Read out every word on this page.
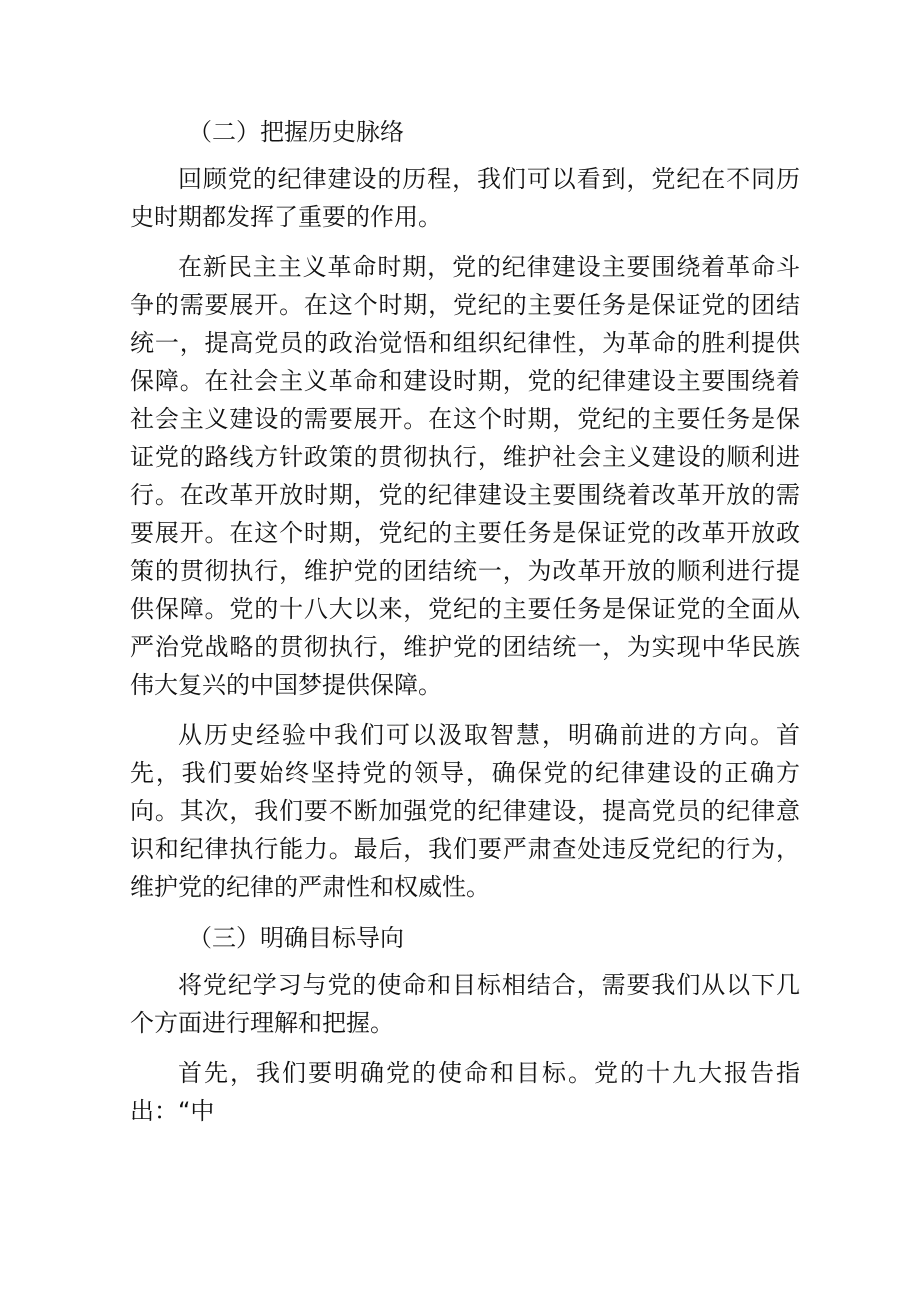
（二）把握历史脉络

回顾党的纪律建设的历程，我们可以看到，党纪在不同历史时期都发挥了重要的作用。

在新民主主义革命时期，党的纪律建设主要围绕着革命斗争的需要展开。在这个时期，党纪的主要任务是保证党的团结统一，提高党员的政治觉悟和组织纪律性，为革命的胜利提供保障。在社会主义革命和建设时期，党的纪律建设主要围绕着社会主义建设的需要展开。在这个时期，党纪的主要任务是保证党的路线方针政策的贯彻执行，维护社会主义建设的顺利进行。在改革开放时期，党的纪律建设主要围绕着改革开放的需要展开。在这个时期，党纪的主要任务是保证党的改革开放政策的贯彻执行，维护党的团结统一，为改革开放的顺利进行提供保障。党的十八大以来，党纪的主要任务是保证党的全面从严治党战略的贯彻执行，维护党的团结统一，为实现中华民族伟大复兴的中国梦提供保障。

从历史经验中我们可以汲取智慧，明确前进的方向。首先，我们要始终坚持党的领导，确保党的纪律建设的正确方向。其次，我们要不断加强党的纪律建设，提高党员的纪律意识和纪律执行能力。最后，我们要严肃查处违反党纪的行为，维护党的纪律的严肃性和权威性。

（三）明确目标导向

将党纪学习与党的使命和目标相结合，需要我们从以下几个方面进行理解和把握。

首先，我们要明确党的使命和目标。党的十九大报告指出：“中
